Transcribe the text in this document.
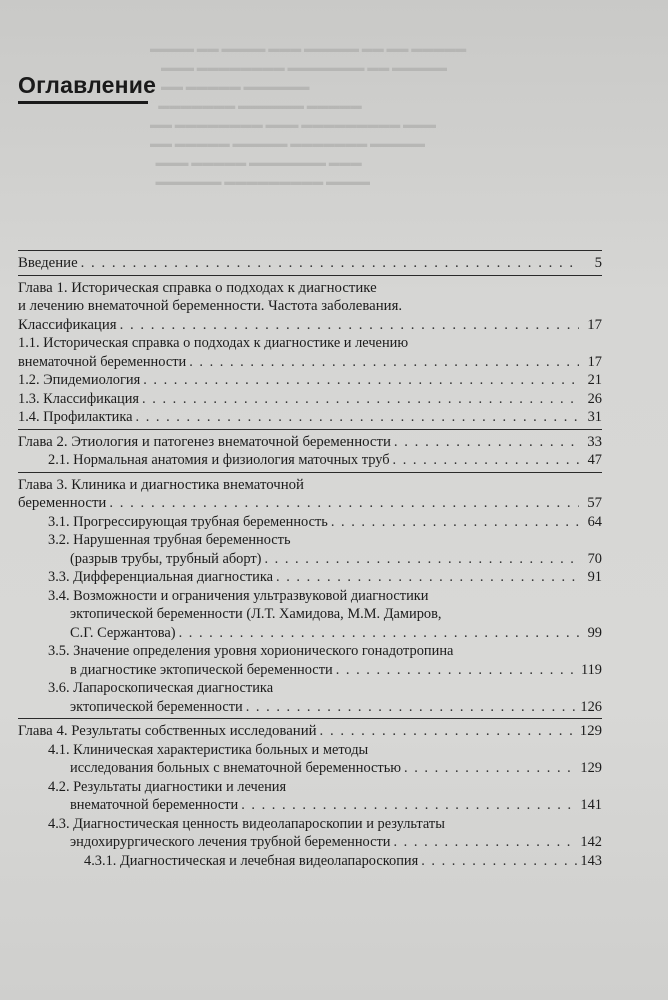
▬▬▬▬ ▬▬ ▬▬▬▬ ▬▬▬ ▬▬▬▬▬ ▬▬ ▬▬ ▬▬▬▬▬
▬▬▬ ▬▬▬▬▬▬▬▬ ▬▬▬▬▬▬▬ ▬▬ ▬▬▬▬▬
▬▬ ▬▬▬▬▬ ▬▬▬▬▬▬
▬▬▬▬▬▬▬ ▬▬▬▬▬▬ ▬▬▬▬▬
▬▬ ▬▬▬▬▬▬▬▬ ▬▬▬ ▬▬▬▬▬▬▬▬▬ ▬▬▬
▬▬ ▬▬▬▬▬ ▬▬▬▬▬ ▬▬▬▬▬▬▬ ▬▬▬▬▬
▬▬▬ ▬▬▬▬▬ ▬▬▬▬▬▬▬ ▬▬▬
▬▬▬▬▬▬ ▬▬▬▬▬▬▬▬▬ ▬▬▬▬
Оглавление
Введение . . .	5
Глава 1. Историческая справка о подходах к диагностике
и лечению внематочной беременности. Частота заболевания.
Классификация . . .	17
1.1. Историческая справка о подходах к диагностике и лечению
внематочной беременности . . .	17
1.2. Эпидемиология . . .	21
1.3. Классификация . . .	26
1.4. Профилактика . . .	31
Глава 2. Этиология и патогенез внематочной беременности . . .	33
2.1. Нормальная анатомия и физиология маточных труб . . .	47
Глава 3. Клиника и диагностика внематочной
беременности . . .	57
3.1. Прогрессирующая трубная беременность . . .	64
3.2. Нарушенная трубная беременность
(разрыв трубы, трубный аборт) . . .	70
3.3. Дифференциальная диагностика . . .	91
3.4. Возможности и ограничения ультразвуковой диагностики
эктопической беременности (Л.Т. Хамидова, М.М. Дамиров,
С.Г. Сержантова) . . .	99
3.5. Значение определения уровня хорионического гонадотропина
в диагностике эктопической беременности . . .	119
3.6. Лапароскопическая диагностика
эктопической беременности . . .	126
Глава 4. Результаты собственных исследований . . .	129
4.1. Клиническая характеристика больных и методы
исследования больных с внематочной беременностью . . .	129
4.2. Результаты диагностики и лечения
внематочной беременности . . .	141
4.3. Диагностическая ценность видеолапароскопии и результаты
эндохирургического лечения трубной беременности . . .	142
4.3.1. Диагностическая и лечебная видеолапароскопия . . .	143
